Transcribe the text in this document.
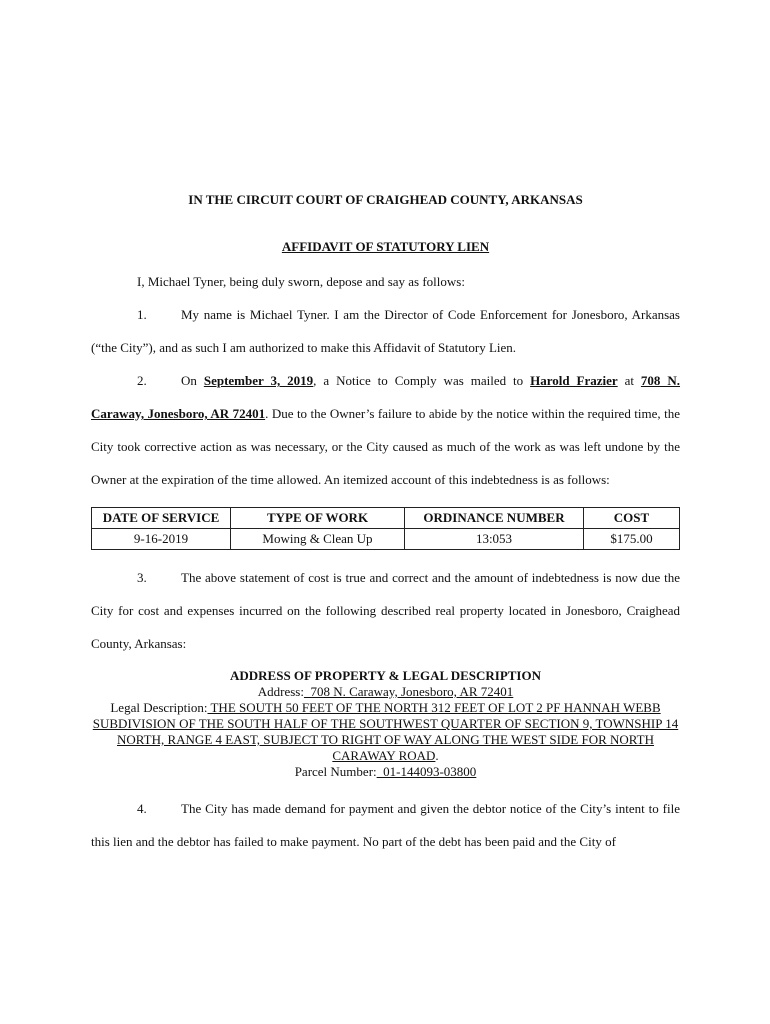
IN THE CIRCUIT COURT OF CRAIGHEAD COUNTY, ARKANSAS

AFFIDAVIT OF STATUTORY LIEN

I, Michael Tyner, being duly sworn, depose and say as follows:

1.	My name is Michael Tyner. I am the Director of Code Enforcement for Jonesboro, Arkansas (“the City”), and as such I am authorized to make this Affidavit of Statutory Lien.

2.	On September 3, 2019, a Notice to Comply was mailed to Harold Frazier at 708 N. Caraway, Jonesboro, AR 72401. Due to the Owner’s failure to abide by the notice within the required time, the City took corrective action as was necessary, or the City caused as much of the work as was left undone by the Owner at the expiration of the time allowed. An itemized account of this indebtedness is as follows:

DATE OF SERVICE	TYPE OF WORK	ORDINANCE NUMBER	COST
9-16-2019	Mowing & Clean Up	13:053	$175.00

3.	The above statement of cost is true and correct and the amount of indebtedness is now due the City for cost and expenses incurred on the following described real property located in Jonesboro, Craighead County, Arkansas:

ADDRESS OF PROPERTY & LEGAL DESCRIPTION
Address:  708 N. Caraway, Jonesboro, AR 72401
Legal Description: THE SOUTH 50 FEET OF THE NORTH 312 FEET OF LOT 2 PF HANNAH WEBB SUBDIVISION OF THE SOUTH HALF OF THE SOUTHWEST QUARTER OF SECTION 9, TOWNSHIP 14 NORTH, RANGE 4 EAST, SUBJECT TO RIGHT OF WAY ALONG THE WEST SIDE FOR NORTH CARAWAY ROAD.
Parcel Number:  01-144093-03800

4.	The City has made demand for payment and given the debtor notice of the City’s intent to file this lien and the debtor has failed to make payment. No part of the debt has been paid and the City of
